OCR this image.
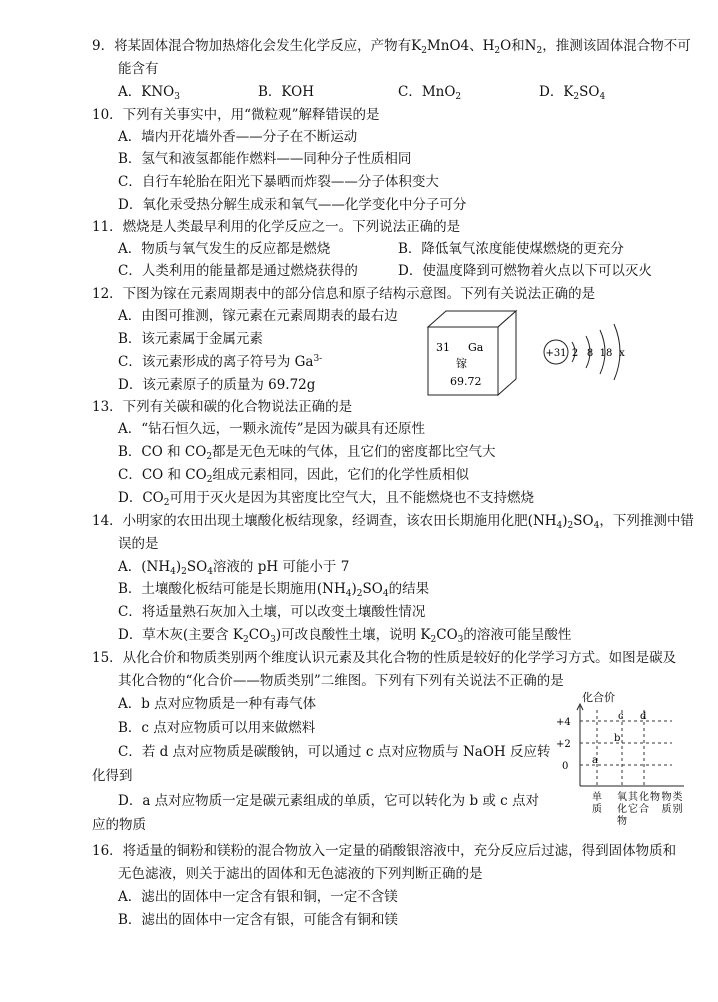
9．将某固体混合物加热熔化会发生化学反应，产物有$K_2MnO4$、$H_2O$和$N_2$，推测该固体混合物不可
能含有
A．$KNO_3$	B．KOH	C．MnO$_2$	D．$K_2SO_4$
10．下列有关事实中，用“微粒观”解释错误的是
A．墙内开花墙外香——分子在不断运动
B．氢气和液氢都能作燃料——同种分子性质相同
C．自行车轮胎在阳光下暴晒而炸裂——分子体积变大
D．氧化汞受热分解生成汞和氧气——化学变化中分子可分
11．燃烧是人类最早利用的化学反应之一。下列说法正确的是
A．物质与氧气发生的反应都是燃烧	B．降低氧气浓度能使煤燃烧的更充分
C．人类利用的能量都是通过燃烧获得的	D．使温度降到可燃物着火点以下可以灭火
12．下图为镓在元素周期表中的部分信息和原子结构示意图。下列有关说法正确的是
A．由图可推测，镓元素在元素周期表的最右边
B．该元素属于金属元素
C．该元素形成的离子符号为 $Ga^{3-}$
D．该元素原子的质量为 69.72g
31 Ga
镓
69.72
+31 2 8 18 x
13．下列有关碳和碳的化合物说法正确的是
A．“钻石恒久远，一颗永流传”是因为碳具有还原性
B．CO 和 $CO_2$都是无色无味的气体，且它们的密度都比空气大
C．CO 和 $CO_2$组成元素相同，因此，它们的化学性质相似
D．$CO_2$可用于灭火是因为其密度比空气大，且不能燃烧也不支持燃烧
14．小明家的农田出现土壤酸化板结现象，经调查，该农田长期施用化肥$(NH_4)_2SO_4$，下列推测中错
误的是
A．$(NH_4)_2SO_4$溶液的 pH 可能小于 7
B．土壤酸化板结可能是长期施用$(NH_4)_2SO_4$的结果
C．将适量熟石灰加入土壤，可以改变土壤酸性情况
D．草木灰(主要含 $K_2CO_3$)可改良酸性土壤，说明 $K_2CO_3$的溶液可能呈酸性
15．从化合价和物质类别两个维度认识元素及其化合物的性质是较好的化学学习方式。如图是碳及
其化合物的“化合价——物质类别”二维图。下列有下列有关说法不正确的是
A．b 点对应物质是一种有毒气体
B．c 点对应物质可以用来做燃料
C．若 d 点对应物质是碳酸钠，可以通过 c 点对应物质与 NaOH 反应转
化得到
D．a 点对应物质一定是碳元素组成的单质，它可以转化为 b 或 c 点对
应的物质
化合价
+4
+2
0
a
b
c d
单质
氧化物
其它化合物 物质类别
16．将适量的铜粉和镁粉的混合物放入一定量的硝酸银溶液中，充分反应后过滤，得到固体物质和
无色滤液，则关于滤出的固体和无色滤液的下列判断正确的是
A．滤出的固体中一定含有银和铜，一定不含镁
B．滤出的固体中一定含有银，可能含有铜和镁
